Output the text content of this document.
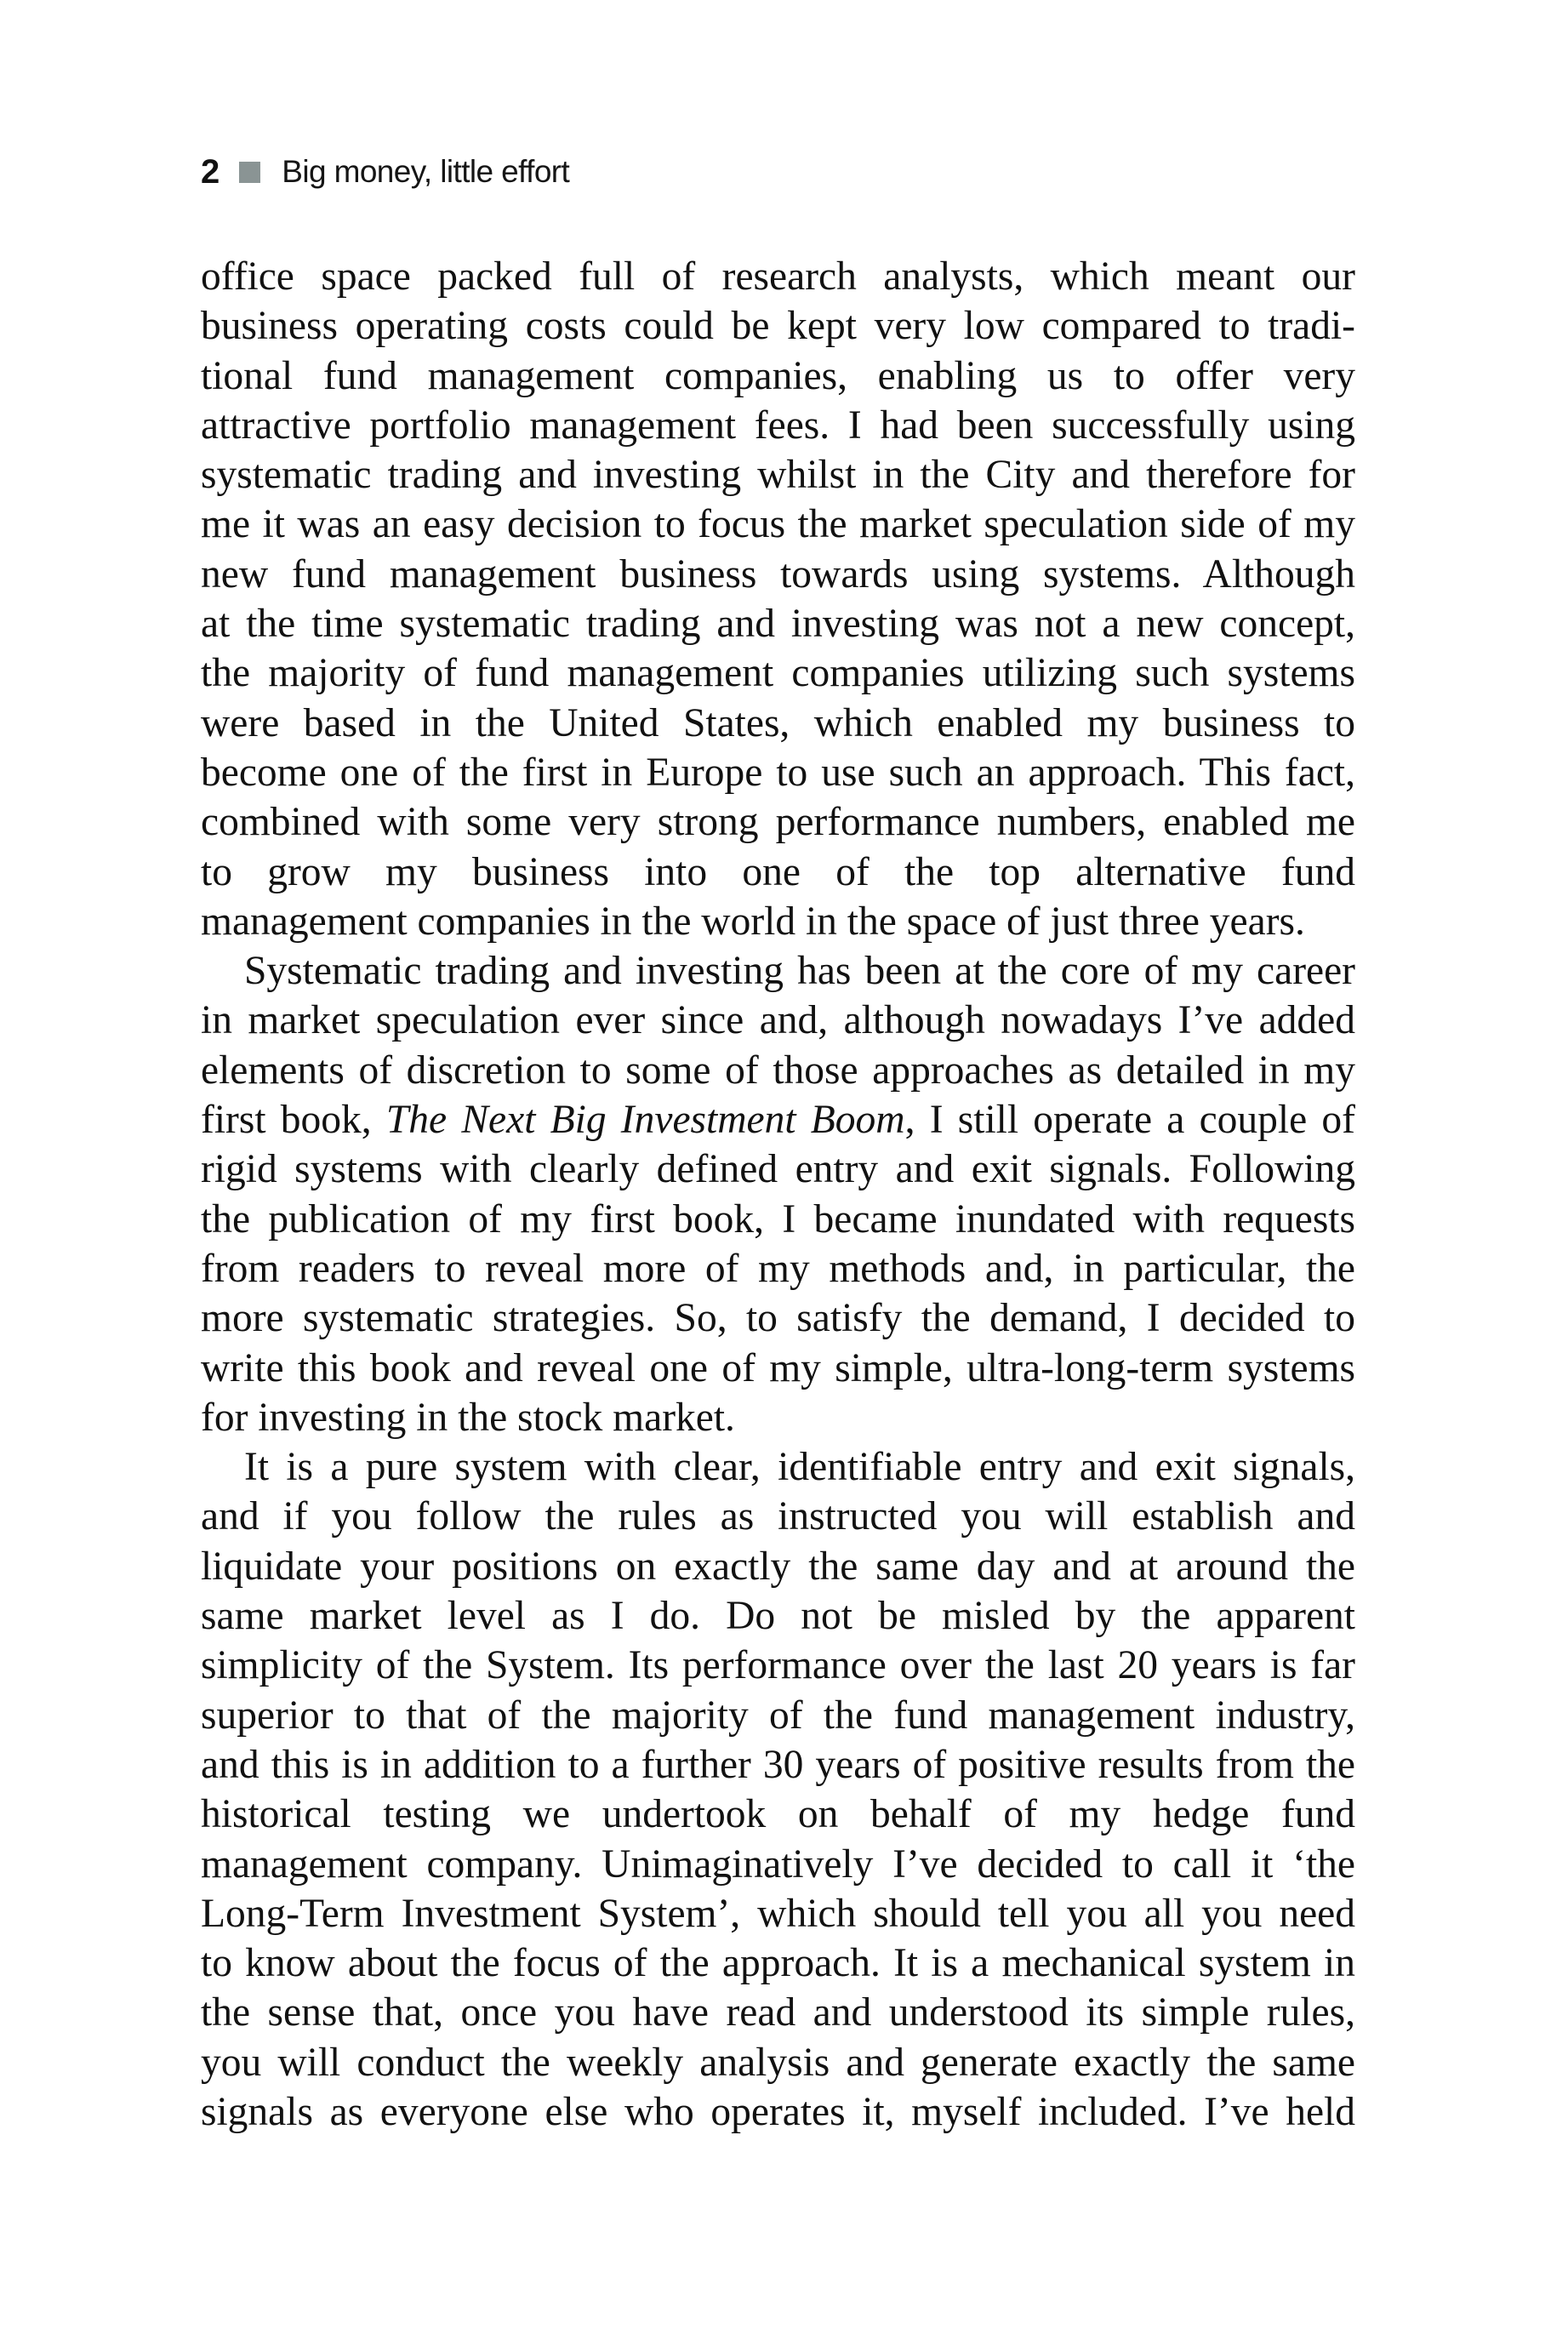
2 Big money, little effort

office space packed full of research analysts, which meant our
business operating costs could be kept very low compared to tradi-
tional fund management companies, enabling us to offer very
attractive portfolio management fees. I had been successfully using
systematic trading and investing whilst in the City and therefore for
me it was an easy decision to focus the market speculation side of my
new fund management business towards using systems. Although
at the time systematic trading and investing was not a new concept,
the majority of fund management companies utilizing such systems
were based in the United States, which enabled my business to
become one of the first in Europe to use such an approach. This fact,
combined with some very strong performance numbers, enabled me
to grow my business into one of the top alternative fund
management companies in the world in the space of just three years.

Systematic trading and investing has been at the core of my career
in market speculation ever since and, although nowadays I’ve added
elements of discretion to some of those approaches as detailed in my
first book, The Next Big Investment Boom, I still operate a couple of
rigid systems with clearly defined entry and exit signals. Following
the publication of my first book, I became inundated with requests
from readers to reveal more of my methods and, in particular, the
more systematic strategies. So, to satisfy the demand, I decided to
write this book and reveal one of my simple, ultra-long-term systems
for investing in the stock market.

It is a pure system with clear, identifiable entry and exit signals,
and if you follow the rules as instructed you will establish and
liquidate your positions on exactly the same day and at around the
same market level as I do. Do not be misled by the apparent
simplicity of the System. Its performance over the last 20 years is far
superior to that of the majority of the fund management industry,
and this is in addition to a further 30 years of positive results from the
historical testing we undertook on behalf of my hedge fund
management company. Unimaginatively I’ve decided to call it ‘the
Long-Term Investment System’, which should tell you all you need
to know about the focus of the approach. It is a mechanical system in
the sense that, once you have read and understood its simple rules,
you will conduct the weekly analysis and generate exactly the same
signals as everyone else who operates it, myself included. I’ve held
